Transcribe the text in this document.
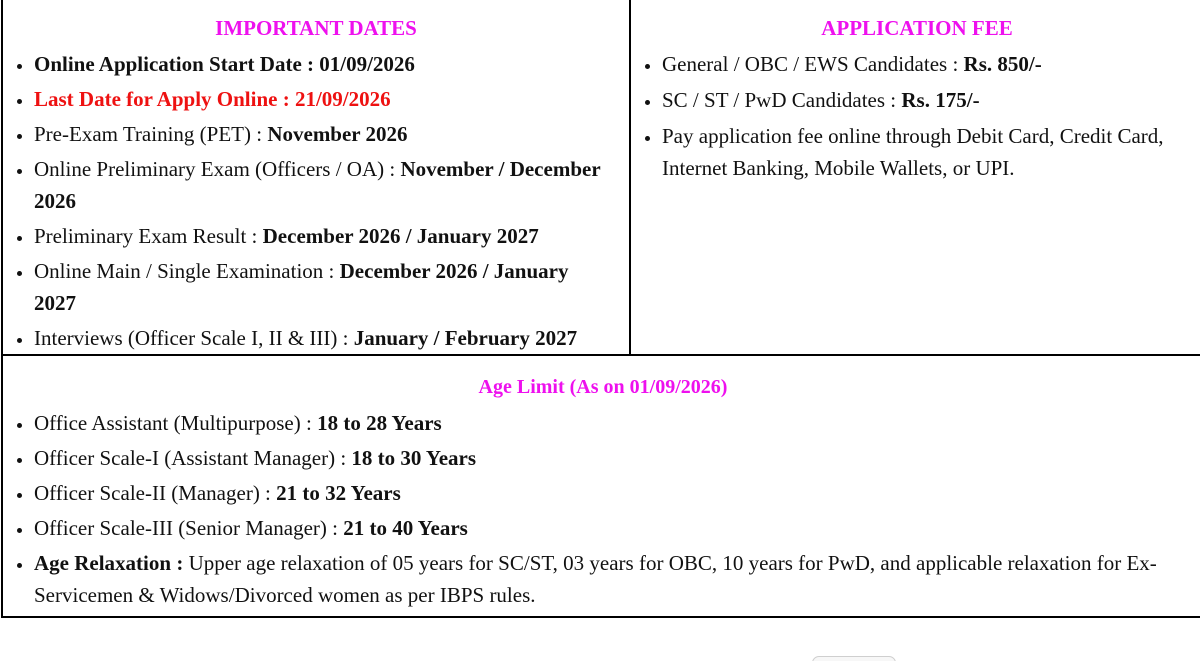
IMPORTANT DATES

• Online Application Start Date : 01/09/2026
• Last Date for Apply Online : 21/09/2026
• Pre-Exam Training (PET) : November 2026
• Online Preliminary Exam (Officers / OA) : November / December 2026
• Preliminary Exam Result : December 2026 / January 2027
• Online Main / Single Examination : December 2026 / January 2027
• Interviews (Officer Scale I, II & III) : January / February 2027

APPLICATION FEE

• General / OBC / EWS Candidates : Rs. 850/-
• SC / ST / PwD Candidates : Rs. 175/-
• Pay application fee online through Debit Card, Credit Card, Internet Banking, Mobile Wallets, or UPI.

Age Limit (As on 01/09/2026)

• Office Assistant (Multipurpose) : 18 to 28 Years
• Officer Scale-I (Assistant Manager) : 18 to 30 Years
• Officer Scale-II (Manager) : 21 to 32 Years
• Officer Scale-III (Senior Manager) : 21 to 40 Years
• Age Relaxation : Upper age relaxation of 05 years for SC/ST, 03 years for OBC, 10 years for PwD, and applicable relaxation for Ex-Servicemen & Widows/Divorced women as per IBPS rules.
